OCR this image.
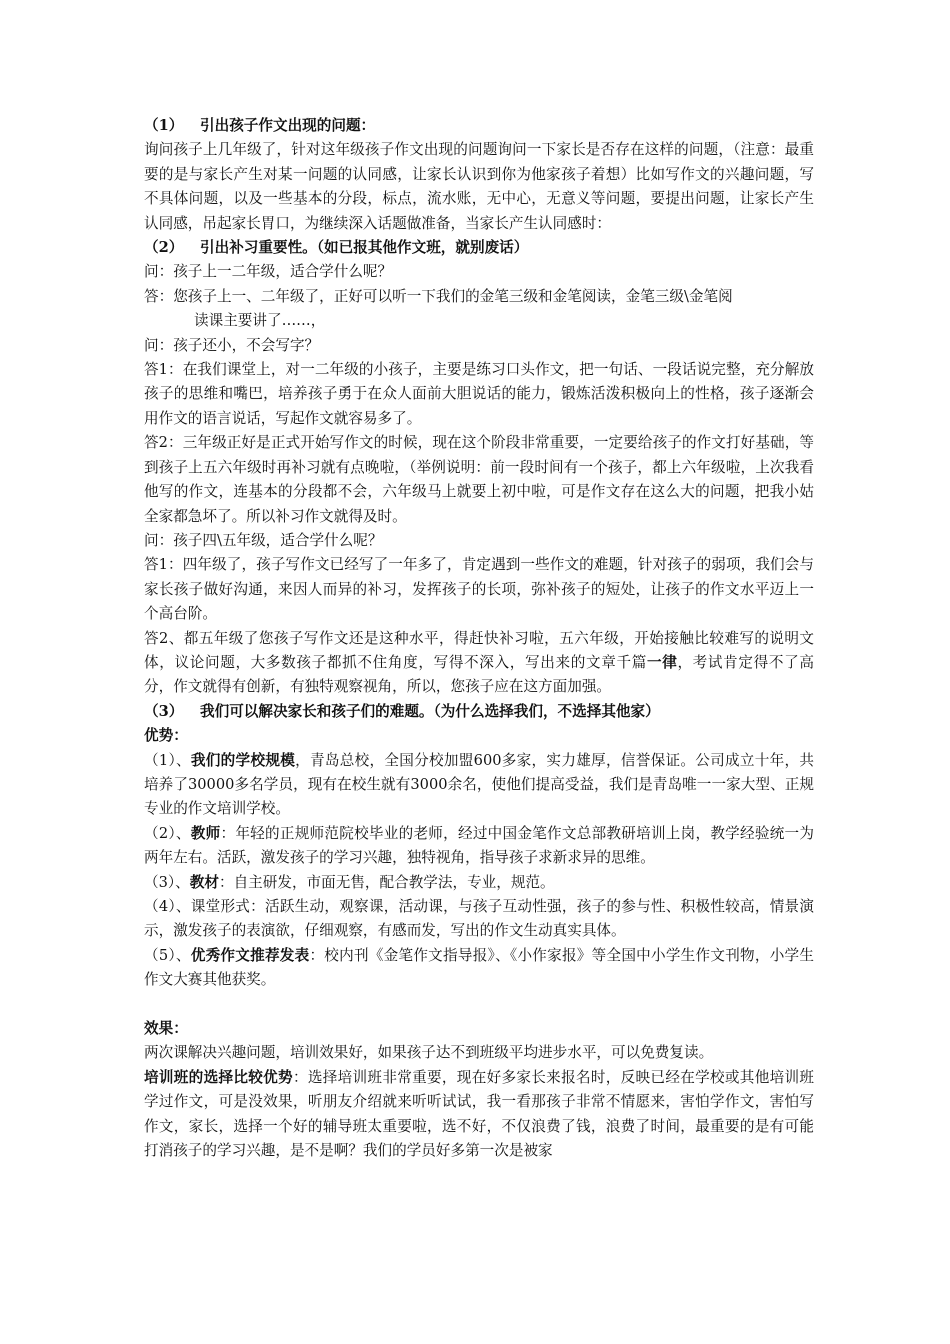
（1） 引出孩子作文出现的问题：

询问孩子上几年级了，针对这年级孩子作文出现的问题询问一下家长是否存在这样的问题，（注意：最重要的是与家长产生对某一问题的认同感，让家长认识到你为他家孩子着想）比如写作文的兴趣问题，写不具体问题，以及一些基本的分段，标点，流水账，无中心，无意义等问题，要提出问题，让家长产生认同感，吊起家长胃口，为继续深入话题做准备，当家长产生认同感时：

（2） 引出补习重要性。（如已报其他作文班，就别废话）

问：孩子上一二年级，适合学什么呢？

答：您孩子上一、二年级了，正好可以听一下我们的金笔三级和金笔阅读，金笔三级\金笔阅

读课主要讲了……，

问：孩子还小，不会写字？

答1：在我们课堂上，对一二年级的小孩子，主要是练习口头作文，把一句话、一段话说完整，充分解放孩子的思维和嘴巴，培养孩子勇于在众人面前大胆说话的能力，锻炼活泼积极向上的性格，孩子逐渐会用作文的语言说话，写起作文就容易多了。

答2：三年级正好是正式开始写作文的时候，现在这个阶段非常重要，一定要给孩子的作文打好基础，等到孩子上五六年级时再补习就有点晚啦，（举例说明：前一段时间有一个孩子，都上六年级啦，上次我看他写的作文，连基本的分段都不会，六年级马上就要上初中啦，可是作文存在这么大的问题，把我小姑全家都急坏了。所以补习作文就得及时。

问：孩子四\五年级，适合学什么呢？

答1：四年级了，孩子写作文已经写了一年多了，肯定遇到一些作文的难题，针对孩子的弱项，我们会与家长孩子做好沟通，来因人而异的补习，发挥孩子的长项，弥补孩子的短处，让孩子的作文水平迈上一个高台阶。

答2、都五年级了您孩子写作文还是这种水平，得赶快补习啦，五六年级，开始接触比较难写的说明文体，议论问题，大多数孩子都抓不住角度，写得不深入，写出来的文章千篇一律，考试肯定得不了高分，作文就得有创新，有独特观察视角，所以，您孩子应在这方面加强。

（3） 我们可以解决家长和孩子们的难题。（为什么选择我们，不选择其他家）

优势：

（1）、我们的学校规模，青岛总校，全国分校加盟600多家，实力雄厚，信誉保证。公司成立十年，共培养了30000多名学员，现有在校生就有3000余名，使他们提高受益，我们是青岛唯一一家大型、正规专业的作文培训学校。

（2）、教师：年轻的正规师范院校毕业的老师，经过中国金笔作文总部教研培训上岗，教学经验统一为两年左右。活跃，激发孩子的学习兴趣，独特视角，指导孩子求新求异的思维。

（3）、教材：自主研发，市面无售，配合教学法，专业，规范。

（4）、课堂形式：活跃生动，观察课，活动课，与孩子互动性强，孩子的参与性、积极性较高，情景演示，激发孩子的表演欲，仔细观察，有感而发，写出的作文生动真实具体。

（5）、优秀作文推荐发表：校内刊《金笔作文指导报》、《小作家报》等全国中小学生作文刊物，小学生作文大赛其他获奖。

效果：

两次课解决兴趣问题，培训效果好，如果孩子达不到班级平均进步水平，可以免费复读。

培训班的选择比较优势：选择培训班非常重要，现在好多家长来报名时，反映已经在学校或其他培训班学过作文，可是没效果，听朋友介绍就来听听试试，我一看那孩子非常不情愿来，害怕学作文，害怕写作文，家长，选择一个好的辅导班太重要啦，选不好，不仅浪费了钱，浪费了时间，最重要的是有可能打消孩子的学习兴趣，是不是啊？我们的学员好多第一次是被家
